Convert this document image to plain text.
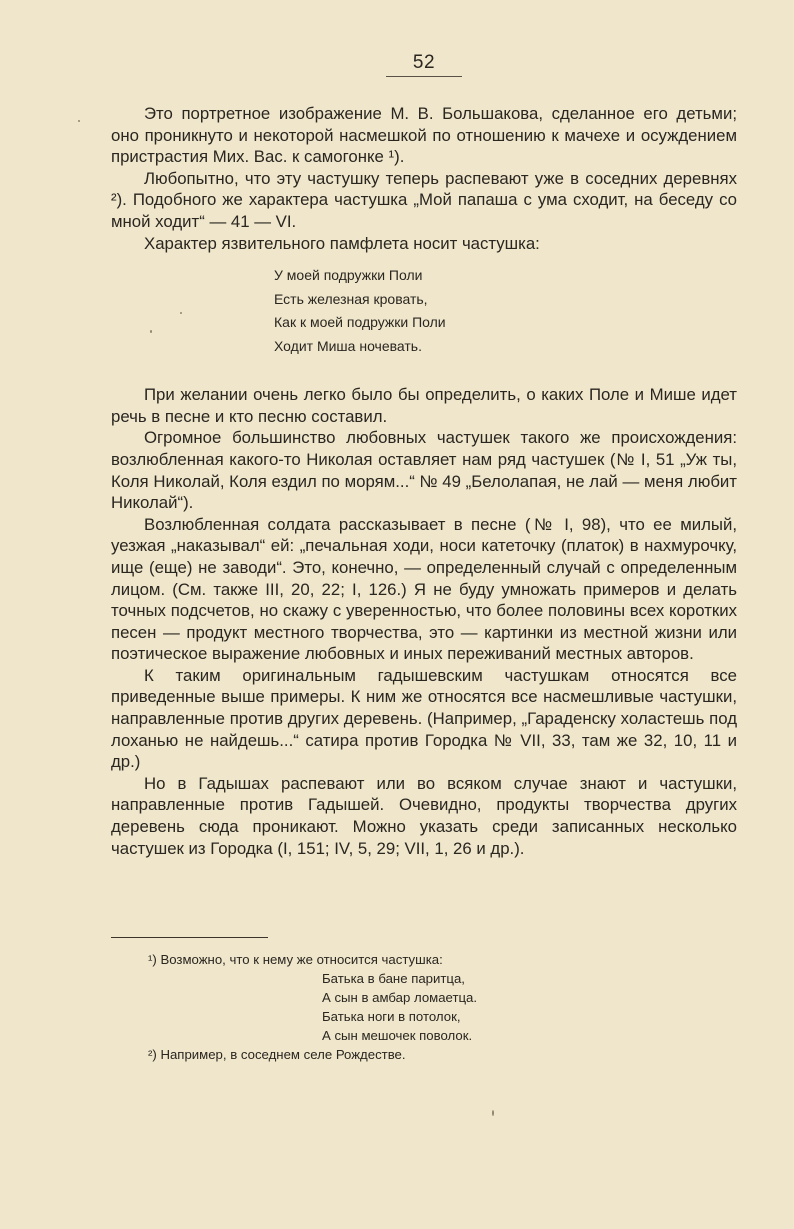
52

Это портретное изображение М. В. Большакова, сделанное его детьми; оно проникнуто и некоторой насмешкой по отношению к мачехе и осуждением пристрастия Мих. Вас. к самогонке ¹).

Любопытно, что эту частушку теперь распевают уже в соседних деревнях ²). Подобного же характера частушка „Мой папаша с ума сходит, на беседу со мной ходит“ — 41 — VI.

Характер язвительного памфлета носит частушка:

У моей подружки Поли
Есть железная кровать,
Как к моей подружки Поли
Ходит Миша ночевать.

При желании очень легко было бы определить, о каких Поле и Мише идет речь в песне и кто песню составил.

Огромное большинство любовных частушек такого же происхождения: возлюбленная какого-то Николая оставляет нам ряд частушек (№ I, 51 „Уж ты, Коля Николай, Коля ездил по морям...“ № 49 „Белолапая, не лай — меня любит Николай“).

Возлюбленная солдата рассказывает в песне (№ I, 98), что ее милый, уезжая „наказывал“ ей: „печальная ходи, носи катеточку (платок) в нахмурочку, ище (еще) не заводи“. Это, конечно, — определенный случай с определенным лицом. (См. также III, 20, 22; I, 126.) Я не буду умножать примеров и делать точных подсчетов, но скажу с уверенностью, что более половины всех коротких песен — продукт местного творчества, это — картинки из местной жизни или поэтическое выражение любовных и иных переживаний местных авторов.

К таким оригинальным гадышевским частушкам относятся все приведенные выше примеры. К ним же относятся все насмешливые частушки, направленные против других деревень. (Например, „Гараденску холастешь под лоханью не найдешь...“ сатира против Городка № VII, 33, там же 32, 10, 11 и др.)

Но в Гадышах распевают или во всяком случае знают и частушки, направленные против Гадышей. Очевидно, продукты творчества других деревень сюда проникают. Можно указать среди записанных несколько частушек из Городка (I, 151; IV, 5, 29; VII, 1, 26 и др.).

¹) Возможно, что к нему же относится частушка:
Батька в бане паритца,
А сын в амбар ломаетца.
Батька ноги в потолок,
А сын мешочек поволок.
²) Например, в соседнем селе Рождестве.
